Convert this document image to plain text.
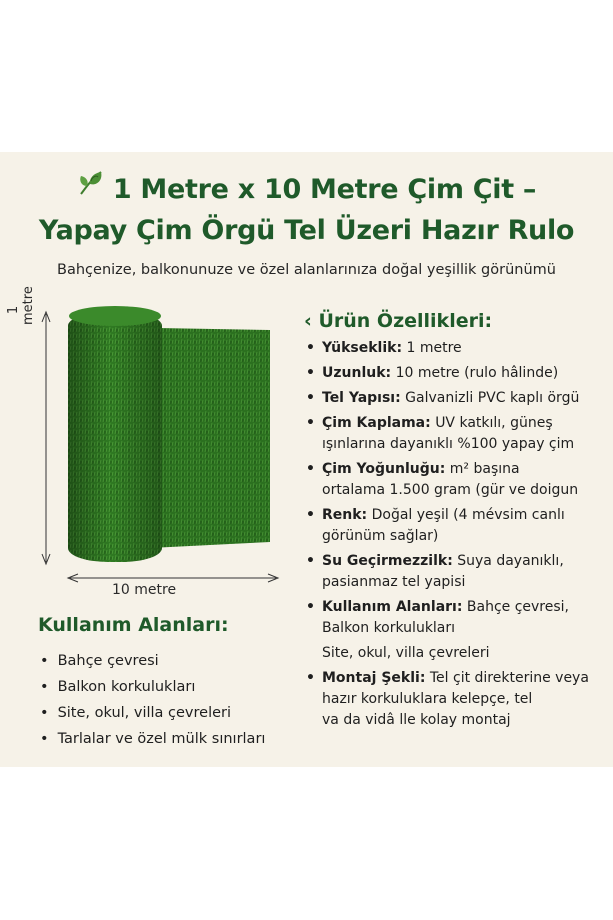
1 Metre x 10 Metre Çim Çit –
Yapay Çim Örgü Tel Üzeri Hazır Rulo
Bahçenize, balkonunuze ve özel alanlarınıza doğal yeşillik görünümü
1 metre
10 metre
Kullanım Alanları:
• Bahçe çevresi
• Balkon korkulukları
• Site, okul, villa çevreleri
• Tarlalar ve özel mülk sınırları
‹ Ürün Özellikleri:
• Yükseklik: 1 metre
• Uzunluk: 10 metre (rulo hâlinde)
• Tel Yapısı: Galvanizli PVC kaplı örgü
• Çim Kaplama: UV katkılı, güneş
ışınlarına dayanıklı %100 yapay çim
• Çim Yoğunluğu: m² başına
ortalama 1.500 gram (gür ve doigun
• Renk: Doğal yeşil (4 mévsim canlı
görünüm sağlar)
• Su Geçirmezzilk: Suya dayanıklı,
pasianmaz tel yapisi
• Kullanım Alanları: Bahçe çevresi,
Balkon korkulukları
Site, okul, villa çevreleri
• Montaj Şekli: Tel çit direkterine veya
hazır korkuluklara kelepçe, tel
va da vidâ lle kolay montaj
